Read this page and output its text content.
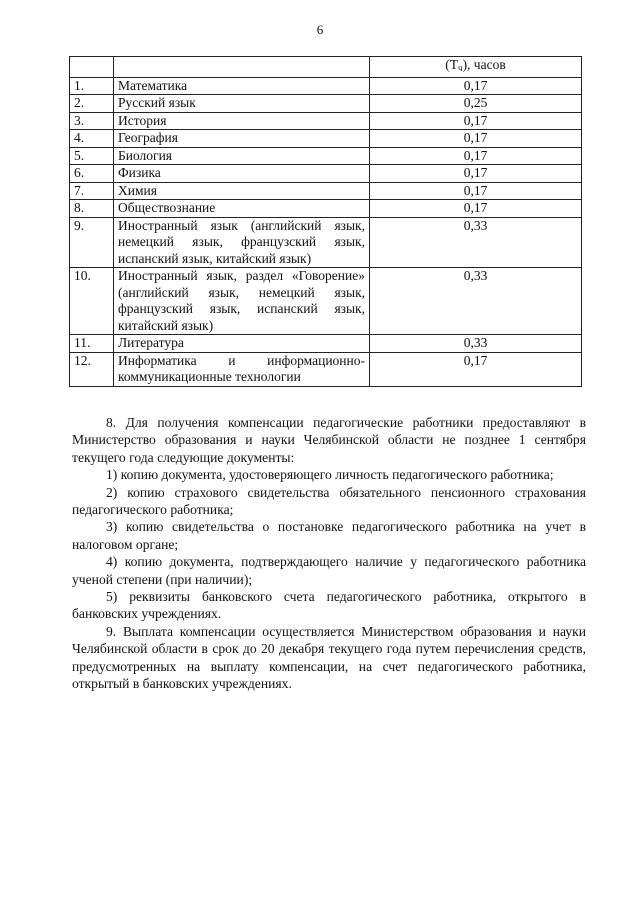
6
		$(T_ч)$, часов
1.	Математика	0,17
2.	Русский язык	0,25
3.	История	0,17
4.	География	0,17
5.	Биология	0,17
6.	Физика	0,17
7.	Химия	0,17
8.	Обществознание	0,17
9.	Иностранный язык (английский язык, немецкий язык, французский язык, испанский язык, китайский язык)	0,33
10.	Иностранный язык, раздел «Говорение» (английский язык, немецкий язык, французский язык, испанский язык, китайский язык)	0,33
11.	Литература	0,33
12.	Информатика и информационно-коммуникационные технологии	0,17

8. Для получения компенсации педагогические работники предоставляют в Министерство образования и науки Челябинской области не позднее 1 сентября текущего года следующие документы:

1) копию документа, удостоверяющего личность педагогического работника;

2) копию страхового свидетельства обязательного пенсионного страхования педагогического работника;

3) копию свидетельства о постановке педагогического работника на учет в налоговом органе;

4) копию документа, подтверждающего наличие у педагогического работника ученой степени (при наличии);

5) реквизиты банковского счета педагогического работника, открытого в банковских учреждениях.

9. Выплата компенсации осуществляется Министерством образования и науки Челябинской области в срок до 20 декабря текущего года путем перечисления средств, предусмотренных на выплату компенсации, на счет педагогического работника, открытый в банковских учреждениях.
